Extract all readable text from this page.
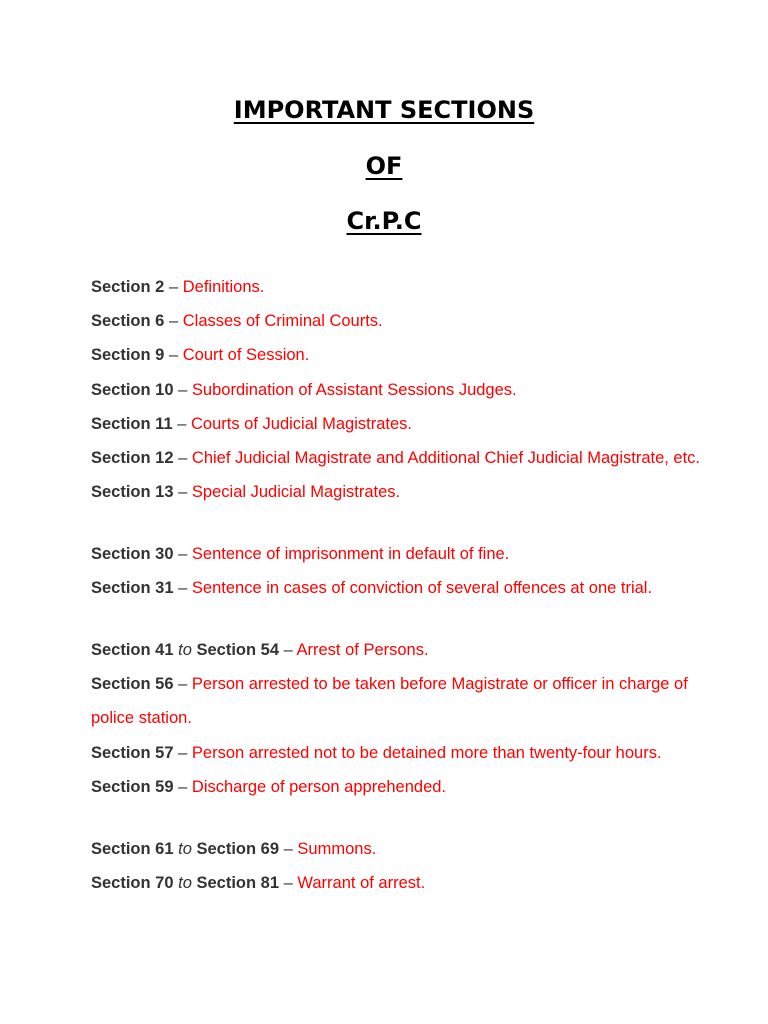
IMPORTANT SECTIONS
OF
Cr.P.C

Section 2 – Definitions.

Section 6 – Classes of Criminal Courts.

Section 9 – Court of Session.

Section 10 – Subordination of Assistant Sessions Judges.

Section 11 – Courts of Judicial Magistrates.

Section 12 – Chief Judicial Magistrate and Additional Chief Judicial Magistrate, etc.

Section 13 – Special Judicial Magistrates.

Section 30 – Sentence of imprisonment in default of fine.

Section 31 – Sentence in cases of conviction of several offences at one trial.

Section 41 to Section 54 – Arrest of Persons.

Section 56 – Person arrested to be taken before Magistrate or officer in charge of police station.

Section 57 – Person arrested not to be detained more than twenty-four hours.

Section 59 – Discharge of person apprehended.

Section 61 to Section 69 – Summons.

Section 70 to Section 81 – Warrant of arrest.
